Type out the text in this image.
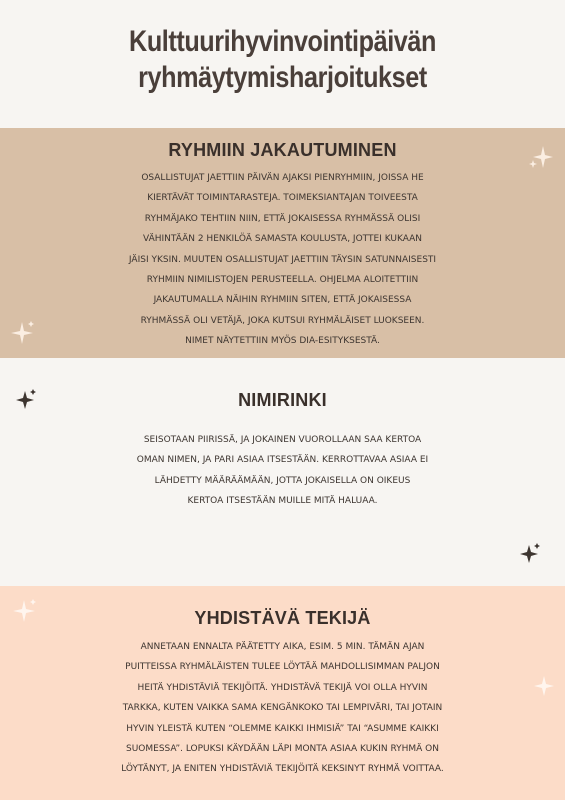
Kulttuurihyvinvointipäivän
ryhmäytymisharjoitukset
RYHMIIN JAKAUTUMINEN
OSALLISTUJAT JAETTIIN PÄIVÄN AJAKSI PIENRYHMIIN, JOISSA HE
KIERTÄVÄT TOIMINTARASTEJA. TOIMEKSIANTAJAN TOIVEESTA
RYHMÄJAKO TEHTIIN NIIN, ETTÄ JOKAISESSA RYHMÄSSÄ OLISI
VÄHINTÄÄN 2 HENKILÖÄ SAMASTA KOULUSTA, JOTTEI KUKAAN
JÄISI YKSIN. MUUTEN OSALLISTUJAT JAETTIIN TÄYSIN SATUNNAISESTI
RYHMIIN NIMILISTOJEN PERUSTEELLA. OHJELMA ALOITETTIIN
JAKAUTUMALLA NÄIHIN RYHMIIN SITEN, ETTÄ JOKAISESSA
RYHMÄSSÄ OLI VETÄJÄ, JOKA KUTSUI RYHMÄLÄISET LUOKSEEN.
NIMET NÄYTETTIIN MYÖS DIA-ESITYKSESTÄ.
NIMIRINKI
SEISOTAAN PIIRISSÄ, JA JOKAINEN VUOROLLAAN SAA KERTOA
OMAN NIMEN, JA PARI ASIAA ITSESTÄÄN. KERROTTAVAA ASIAA EI
LÄHDETTY MÄÄRÄÄMÄÄN, JOTTA JOKAISELLA ON OIKEUS
KERTOA ITSESTÄÄN MUILLE MITÄ HALUAA.
YHDISTÄVÄ TEKIJÄ
ANNETAAN ENNALTA PÄÄTETTY AIKA, ESIM. 5 MIN. TÄMÄN AJAN
PUITTEISSA RYHMÄLÄISTEN TULEE LÖYTÄÄ MAHDOLLISIMMAN PALJON
HEITÄ YHDISTÄVIÄ TEKIJÖITÄ. YHDISTÄVÄ TEKIJÄ VOI OLLA HYVIN
TARKKA, KUTEN VAIKKA SAMA KENGÄNKOKO TAI LEMPIVÄRI, TAI JOTAIN
HYVIN YLEISTÄ KUTEN “OLEMME KAIKKI IHMISIÄ” TAI “ASUMME KAIKKI
SUOMESSA”. LOPUKSI KÄYDÄÄN LÄPI MONTA ASIAA KUKIN RYHMÄ ON
LÖYTÄNYT, JA ENITEN YHDISTÄVIÄ TEKIJÖITÄ KEKSINYT RYHMÄ VOITTAA.
